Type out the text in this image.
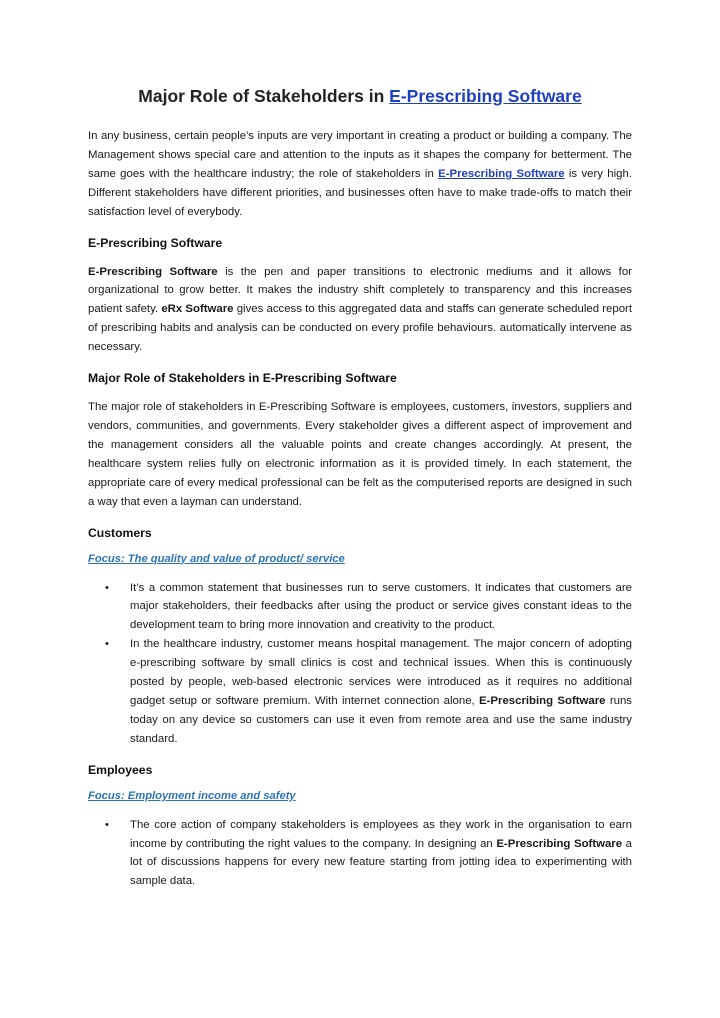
Major Role of Stakeholders in E-Prescribing Software

In any business, certain people's inputs are very important in creating a product or building a company. The Management shows special care and attention to the inputs as it shapes the company for betterment. The same goes with the healthcare industry; the role of stakeholders in E-Prescribing Software is very high. Different stakeholders have different priorities, and businesses often have to make trade-offs to match their satisfaction level of everybody.

E-Prescribing Software

E-Prescribing Software is the pen and paper transitions to electronic mediums and it allows for organizational to grow better. It makes the industry shift completely to transparency and this increases patient safety. eRx Software gives access to this aggregated data and staffs can generate scheduled report of prescribing habits and analysis can be conducted on every profile behaviours. automatically intervene as necessary.

Major Role of Stakeholders in E-Prescribing Software

The major role of stakeholders in E-Prescribing Software is employees, customers, investors, suppliers and vendors, communities, and governments. Every stakeholder gives a different aspect of improvement and the management considers all the valuable points and create changes accordingly. At present, the healthcare system relies fully on electronic information as it is provided timely. In each statement, the appropriate care of every medical professional can be felt as the computerised reports are designed in such a way that even a layman can understand.

Customers
Focus: The quality and value of product/ service
• It’s a common statement that businesses run to serve customers. It indicates that customers are major stakeholders, their feedbacks after using the product or service gives constant ideas to the development team to bring more innovation and creativity to the product.
• In the healthcare industry, customer means hospital management. The major concern of adopting e-prescribing software by small clinics is cost and technical issues. When this is continuously posted by people, web-based electronic services were introduced as it requires no additional gadget setup or software premium. With internet connection alone, E-Prescribing Software runs today on any device so customers can use it even from remote area and use the same industry standard.
Employees
Focus: Employment income and safety
• The core action of company stakeholders is employees as they work in the organisation to earn income by contributing the right values to the company. In designing an E-Prescribing Software a lot of discussions happens for every new feature starting from jotting idea to experimenting with sample data.
